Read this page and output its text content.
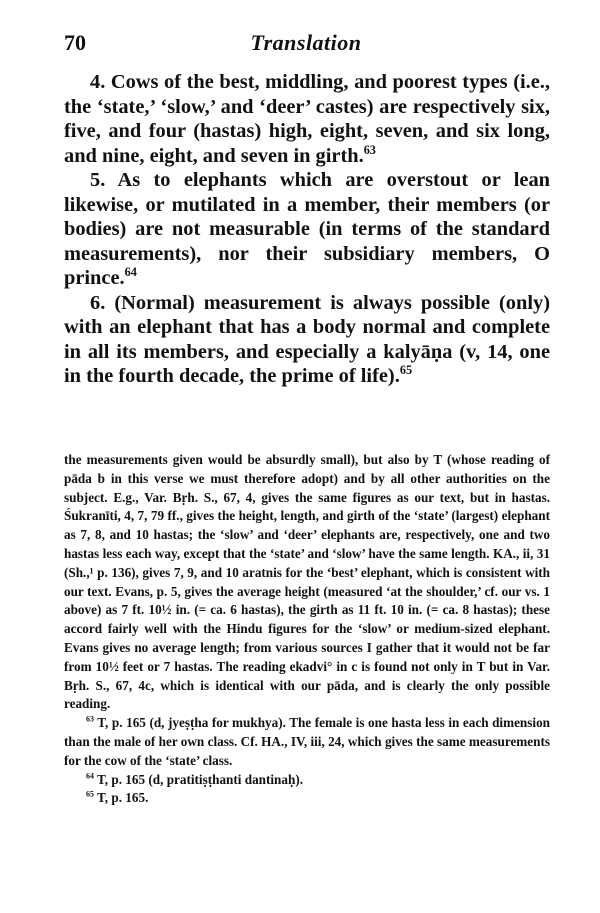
70	Translation

4. Cows of the best, middling, and poorest types (i.e., the ‘state,’ ‘slow,’ and ‘deer’ castes) are respectively six, five, and four (hastas) high, eight, seven, and six long, and nine, eight, and seven in girth.$^{63}$

5. As to elephants which are overstout or lean likewise, or mutilated in a member, their members (or bodies) are not measurable (in terms of the standard measurements), nor their subsidiary members, O prince.$^{64}$

6. (Normal) measurement is always possible (only) with an elephant that has a body normal and complete in all its members, and especially a kalyāṇa (v, 14, one in the fourth decade, the prime of life).$^{65}$

the measurements given would be absurdly small), but also by T (whose reading of pāda b in this verse we must therefore adopt) and by all other authorities on the subject. E.g., Var. Bṛh. S., 67, 4, gives the same figures as our text, but in hastas. Śukranīti, 4, 7, 79 ff., gives the height, length, and girth of the ‘state’ (largest) elephant as 7, 8, and 10 hastas; the ‘slow’ and ‘deer’ elephants are, respectively, one and two hastas less each way, except that the ‘state’ and ‘slow’ have the same length. KA., ii, 31 (Sh.,¹ p. 136), gives 7, 9, and 10 aratnis for the ‘best’ elephant, which is consistent with our text. Evans, p. 5, gives the average height (measured ‘at the shoulder,’ cf. our vs. 1 above) as 7 ft. 10½ in. (= ca. 6 hastas), the girth as 11 ft. 10 in. (= ca. 8 hastas); these accord fairly well with the Hindu figures for the ‘slow’ or medium-sized elephant. Evans gives no average length; from various sources I gather that it would not be far from 10½ feet or 7 hastas. The reading ekadvi° in c is found not only in T but in Var. Bṛh. S., 67, 4c, which is identical with our pāda, and is clearly the only possible reading.

$^{63}$ T, p. 165 (d, jyeṣṭha for mukhya). The female is one hasta less in each dimension than the male of her own class. Cf. HA., IV, iii, 24, which gives the same measurements for the cow of the ‘state’ class.

$^{64}$ T, p. 165 (d, pratitiṣṭhanti dantinaḥ).

$^{65}$ T, p. 165.
